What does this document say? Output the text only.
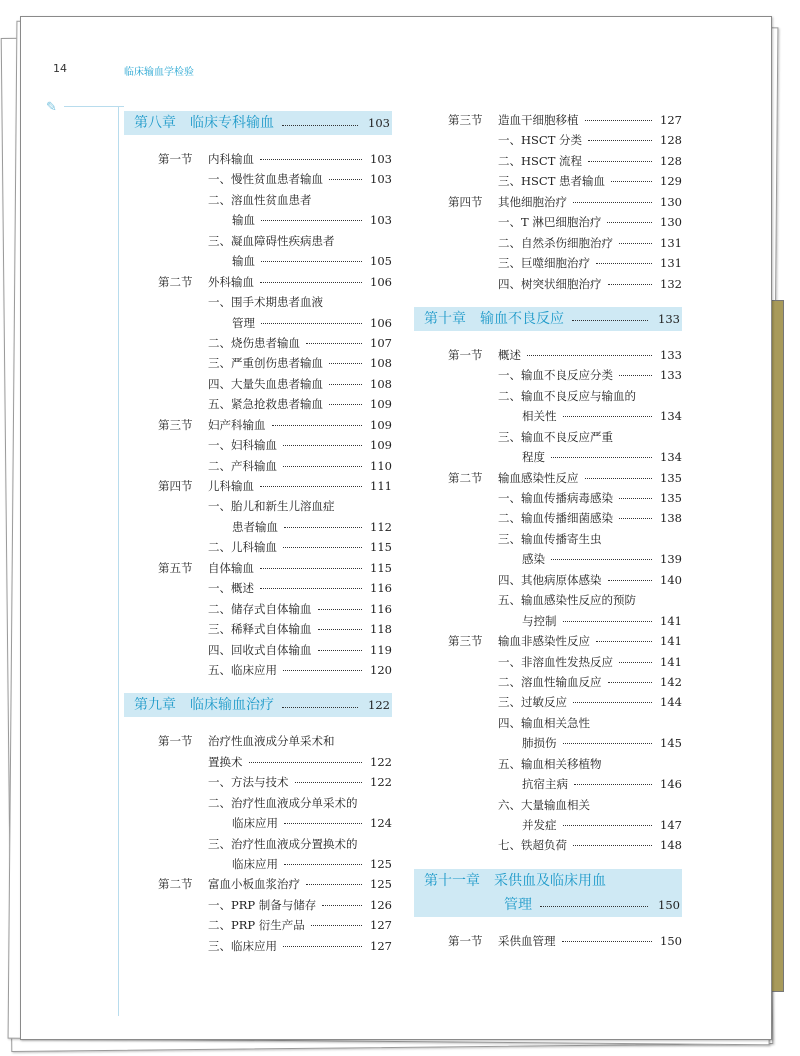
14	临床输血学检验
✎
第八章　临床专科输血	103
第一节	内科输血	103
一、慢性贫血患者输血	103
二、溶血性贫血患者
输血	103
三、凝血障碍性疾病患者
输血	105
第二节	外科输血	106
一、围手术期患者血液
管理	106
二、烧伤患者输血	107
三、严重创伤患者输血	108
四、大量失血患者输血	108
五、紧急抢救患者输血	109
第三节	妇产科输血	109
一、妇科输血	109
二、产科输血	110
第四节	儿科输血	111
一、胎儿和新生儿溶血症
患者输血	112
二、儿科输血	115
第五节	自体输血	115
一、概述	116
二、储存式自体输血	116
三、稀释式自体输血	118
四、回收式自体输血	119
五、临床应用	120
第九章　临床输血治疗	122
第一节	治疗性血液成分单采术和
置换术	122
一、方法与技术	122
二、治疗性血液成分单采术的
临床应用	124
三、治疗性血液成分置换术的
临床应用	125
第二节	富血小板血浆治疗	125
一、PRP 制备与储存	126
二、PRP 衍生产品	127
三、临床应用	127
第三节	造血干细胞移植	127
一、HSCT 分类	128
二、HSCT 流程	128
三、HSCT 患者输血	129
第四节	其他细胞治疗	130
一、T 淋巴细胞治疗	130
二、自然杀伤细胞治疗	131
三、巨噬细胞治疗	131
四、树突状细胞治疗	132
第十章　输血不良反应	133
第一节	概述	133
一、输血不良反应分类	133
二、输血不良反应与输血的
相关性	134
三、输血不良反应严重
程度	134
第二节	输血感染性反应	135
一、输血传播病毒感染	135
二、输血传播细菌感染	138
三、输血传播寄生虫
感染	139
四、其他病原体感染	140
五、输血感染性反应的预防
与控制	141
第三节	输血非感染性反应	141
一、非溶血性发热反应	141
二、溶血性输血反应	142
三、过敏反应	144
四、输血相关急性
肺损伤	145
五、输血相关移植物
抗宿主病	146
六、大量输血相关
并发症	147
七、铁超负荷	148
第十一章　采供血及临床用血
管理	150
第一节	采供血管理	150
